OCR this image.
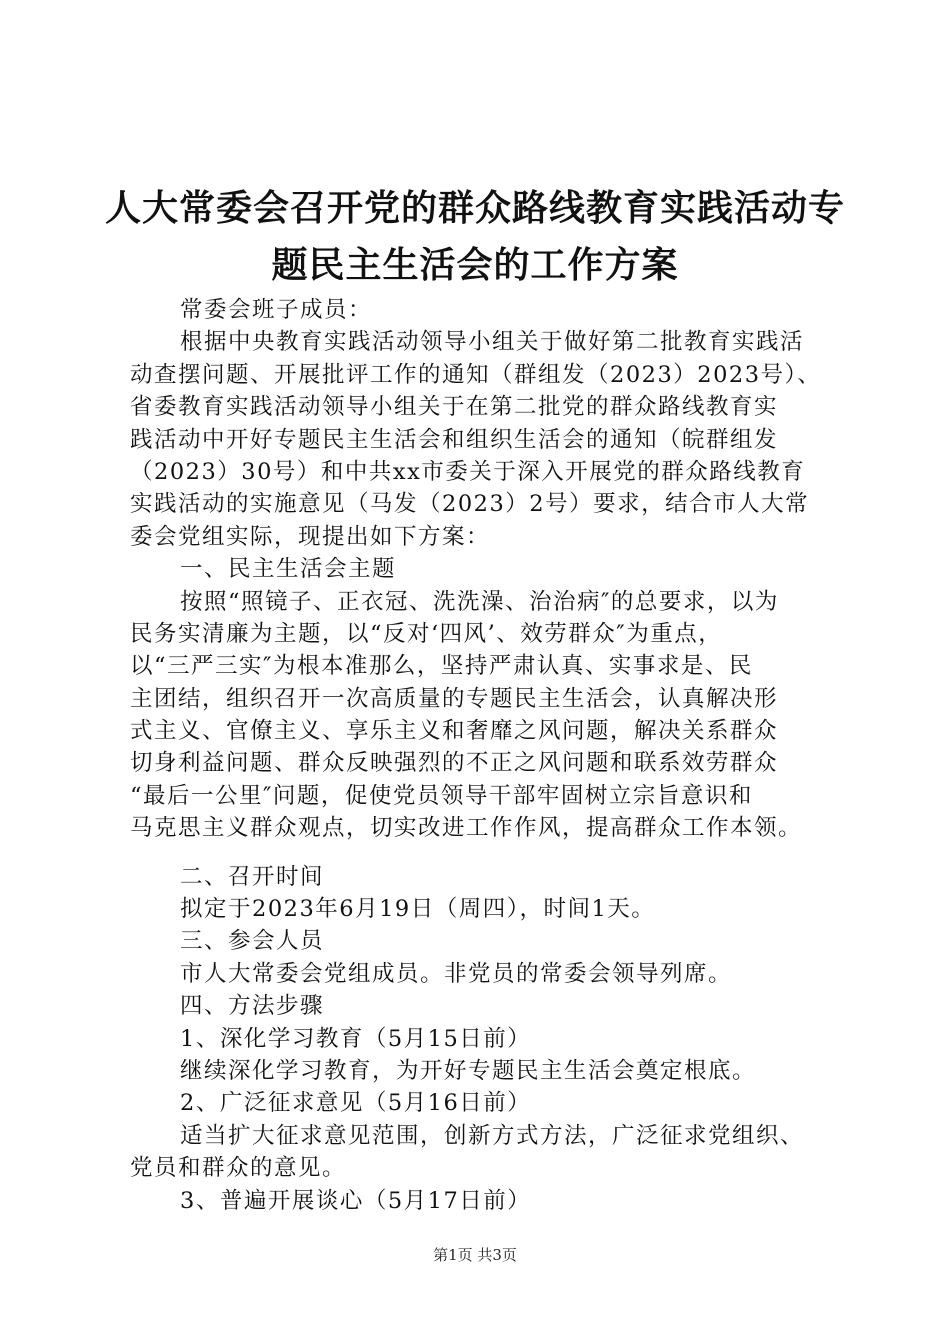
人大常委会召开党的群众路线教育实践活动专
题民主生活会的工作方案
常委会班子成员：
根据中央教育实践活动领导小组关于做好第二批教育实践活
动查摆问题、开展批评工作的通知（群组发（2023）2023号）、
省委教育实践活动领导小组关于在第二批党的群众路线教育实
践活动中开好专题民主生活会和组织生活会的通知（皖群组发
（2023）30号）和中共xx市委关于深入开展党的群众路线教育
实践活动的实施意见（马发（2023）2号）要求，结合市人大常
委会党组实际，现提出如下方案：
一、民主生活会主题
按照“照镜子、正衣冠、洗洗澡、治治病″的总要求，以为
民务实清廉为主题，以“反对‘四风’、效劳群众″为重点，
以“三严三实″为根本准那么，坚持严肃认真、实事求是、民
主团结，组织召开一次高质量的专题民主生活会，认真解决形
式主义、官僚主义、享乐主义和奢靡之风问题，解决关系群众
切身利益问题、群众反映强烈的不正之风问题和联系效劳群众
“最后一公里″问题，促使党员领导干部牢固树立宗旨意识和
马克思主义群众观点，切实改进工作作风，提高群众工作本领。
二、召开时间
拟定于2023年6月19日（周四），时间1天。
三、参会人员
市人大常委会党组成员。非党员的常委会领导列席。
四、方法步骤
1、深化学习教育（5月15日前）
继续深化学习教育，为开好专题民主生活会奠定根底。
2、广泛征求意见（5月16日前）
适当扩大征求意见范围，创新方式方法，广泛征求党组织、
党员和群众的意见。
3、普遍开展谈心（5月17日前）
第1页 共3页
